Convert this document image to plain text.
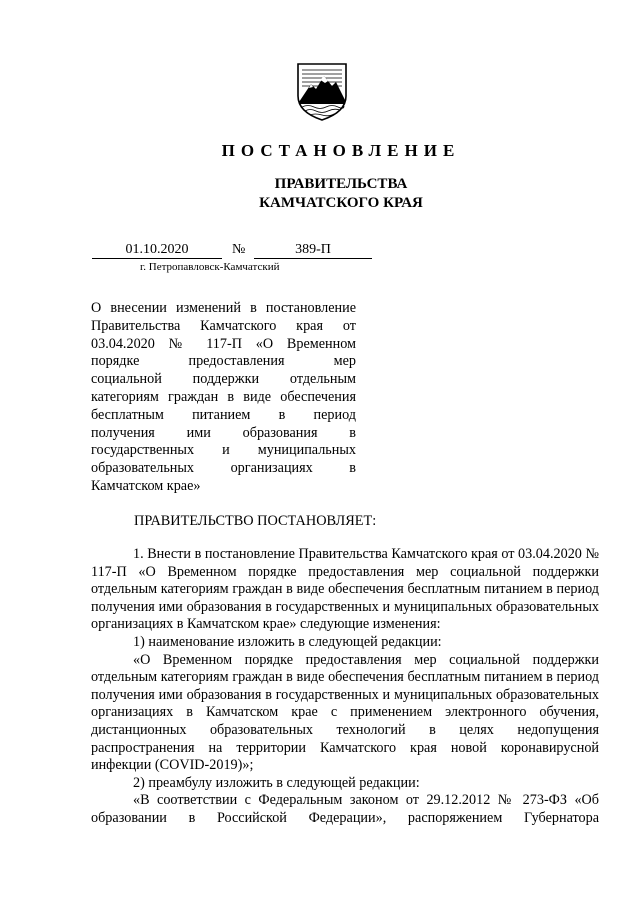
ПОСТАНОВЛЕНИЕ
ПРАВИТЕЛЬСТВА
КАМЧАТСКОГО КРАЯ
01.10.2020	№	389-П
г. Петропавловск-Камчатский
О внесении изменений в постановление
Правительства Камчатского края от
03.04.2020 № 117-П «О Временном
порядке предоставления мер
социальной поддержки отдельным
категориям граждан в виде обеспечения
бесплатным питанием в период
получения ими образования в
государственных и муниципальных
образовательных организациях в
Камчатском крае»
ПРАВИТЕЛЬСТВО ПОСТАНОВЛЯЕТ:

1. Внести в постановление Правительства Камчатского края от 03.04.2020 № 117-П «О Временном порядке предоставления мер социальной поддержки отдельным категориям граждан в виде обеспечения бесплатным питанием в период получения ими образования в государственных и муниципальных образовательных организациях в Камчатском крае» следующие изменения:

1) наименование изложить в следующей редакции:

«О Временном порядке предоставления мер социальной поддержки отдельным категориям граждан в виде обеспечения бесплатным питанием в период получения ими образования в государственных и муниципальных образовательных организациях в Камчатском крае с применением электронного обучения, дистанционных образовательных технологий в целях недопущения распространения на территории Камчатского края новой коронавирусной инфекции (COVID-2019)»;

2) преамбулу изложить в следующей редакции:

«В соответствии с Федеральным законом от 29.12.2012 № 273-ФЗ «Об образовании в Российской Федерации», распоряжением Губернатора
